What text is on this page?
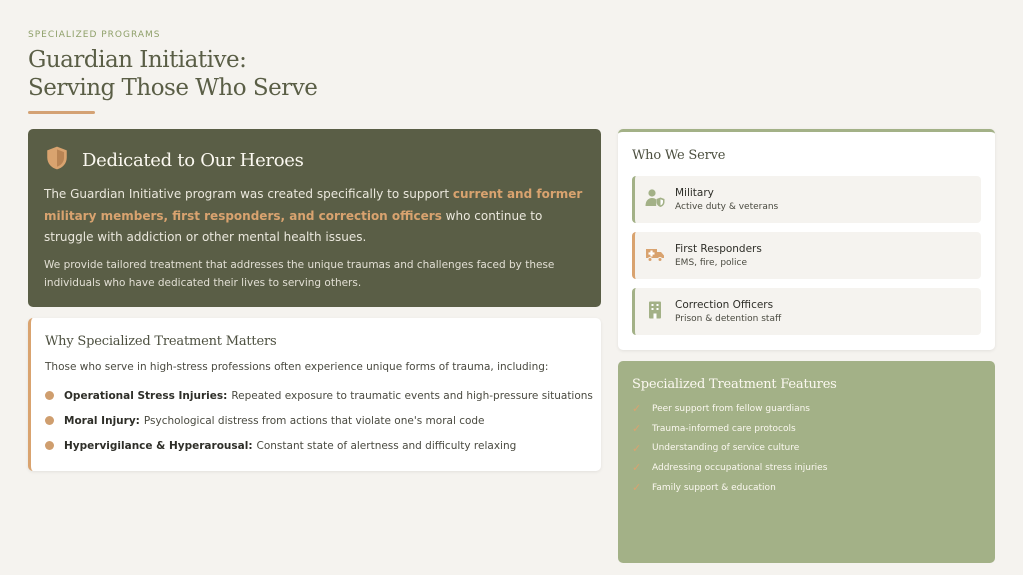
SPECIALIZED PROGRAMS
Guardian Initiative:
Serving Those Who Serve
Dedicated to Our Heroes

The Guardian Initiative program was created specifically to support current and former military members, first responders, and correction officers who continue to struggle with addiction or other mental health issues.

We provide tailored treatment that addresses the unique traumas and challenges faced by these individuals who have dedicated their lives to serving others.

Why Specialized Treatment Matters

Those who serve in high-stress professions often experience unique forms of trauma, including:

Operational Stress Injuries: Repeated exposure to traumatic events and high-pressure situations
Moral Injury: Psychological distress from actions that violate one's moral code
Hypervigilance & Hyperarousal: Constant state of alertness and difficulty relaxing
Who We Serve
Military
Active duty & veterans
First Responders
EMS, fire, police
Correction Officers
Prison & detention staff
Specialized Treatment Features
✓	Peer support from fellow guardians
✓	Trauma-informed care protocols
✓	Understanding of service culture
✓	Addressing occupational stress injuries
✓	Family support & education
